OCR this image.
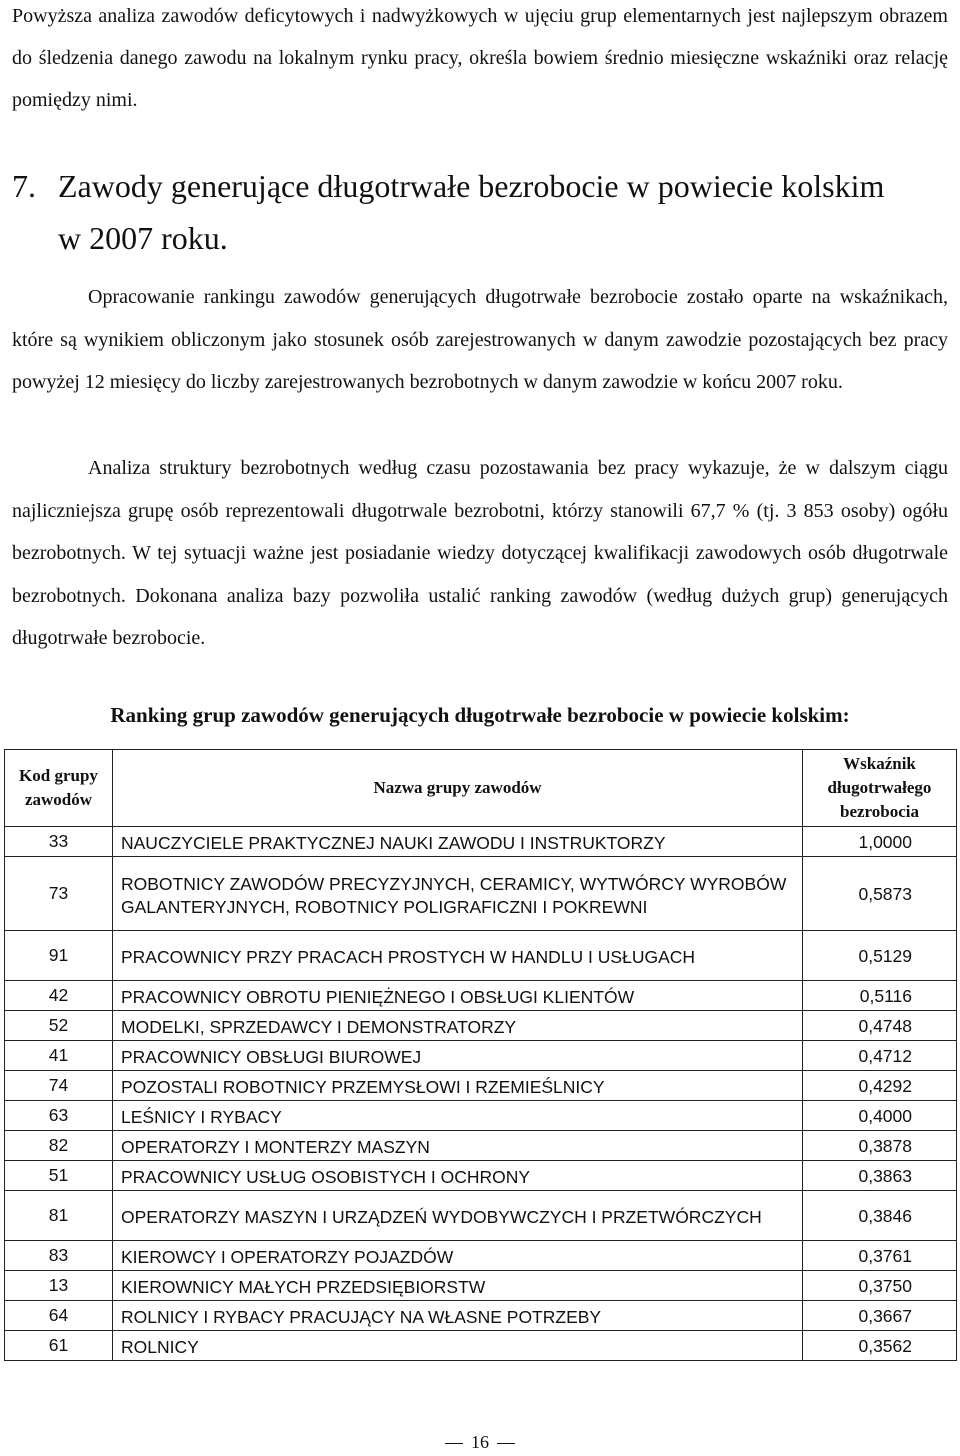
Powyższa analiza zawodów deficytowych i nadwyżkowych w ujęciu grup elementarnych jest najlepszym obrazem do śledzenia danego zawodu na lokalnym rynku pracy, określa bowiem średnio miesięczne wskaźniki oraz relację pomiędzy nimi.

7. Zawody generujące długotrwałe bezrobocie w powiecie kolskim
w 2007 roku.

Opracowanie rankingu zawodów generujących długotrwałe bezrobocie zostało oparte na wskaźnikach, które są wynikiem obliczonym jako stosunek osób zarejestrowanych w danym zawodzie pozostających bez pracy powyżej 12 miesięcy do liczby zarejestrowanych bezrobotnych w danym zawodzie w końcu 2007 roku.

Analiza struktury bezrobotnych według czasu pozostawania bez pracy wykazuje, że w dalszym ciągu najliczniejsza grupę osób reprezentowali długotrwale bezrobotni, którzy stanowili 67,7 % (tj. 3 853 osoby) ogółu bezrobotnych. W tej sytuacji ważne jest posiadanie wiedzy dotyczącej kwalifikacji zawodowych osób długotrwale bezrobotnych. Dokonana analiza bazy pozwoliła ustalić ranking zawodów (według dużych grup) generujących długotrwałe bezrobocie.

Ranking grup zawodów generujących długotrwałe bezrobocie w powiecie kolskim:

Kod grupy zawodów	Nazwa grupy zawodów	Wskaźnik długotrwałego bezrobocia
33	NAUCZYCIELE PRAKTYCZNEJ NAUKI ZAWODU I INSTRUKTORZY	1,0000
73	ROBOTNICY ZAWODÓW PRECYZYJNYCH, CERAMICY, WYTWÓRCY WYROBÓW GALANTERYJNYCH, ROBOTNICY POLIGRAFICZNI I POKREWNI	0,5873
91	PRACOWNICY PRZY PRACACH PROSTYCH W HANDLU I USŁUGACH	0,5129
42	PRACOWNICY OBROTU PIENIĘŻNEGO I OBSŁUGI KLIENTÓW	0,5116
52	MODELKI, SPRZEDAWCY I DEMONSTRATORZY	0,4748
41	PRACOWNICY OBSŁUGI BIUROWEJ	0,4712
74	POZOSTALI ROBOTNICY PRZEMYSŁOWI I RZEMIEŚLNICY	0,4292
63	LEŚNICY I RYBACY	0,4000
82	OPERATORZY I MONTERZY MASZYN	0,3878
51	PRACOWNICY USŁUG OSOBISTYCH I OCHRONY	0,3863
81	OPERATORZY MASZYN I URZĄDZEŃ WYDOBYWCZYCH I PRZETWÓRCZYCH	0,3846
83	KIEROWCY I OPERATORZY POJAZDÓW	0,3761
13	KIEROWNICY MAŁYCH PRZEDSIĘBIORSTW	0,3750
64	ROLNICY I RYBACY PRACUJĄCY NA WŁASNE POTRZEBY	0,3667
61	ROLNICY	0,3562
16
